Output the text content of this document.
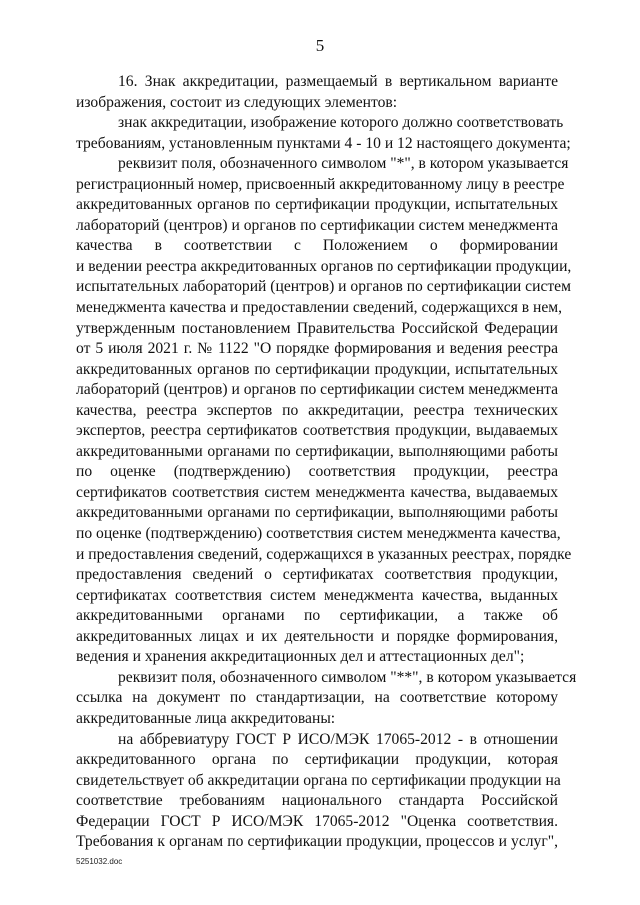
5
16. Знак аккредитации, размещаемый в вертикальном варианте
изображения, состоит из следующих элементов:
знак аккредитации, изображение которого должно соответствовать
требованиям, установленным пунктами 4 - 10 и 12 настоящего документа;
реквизит поля, обозначенного символом "*", в котором указывается
регистрационный номер, присвоенный аккредитованному лицу в реестре
аккредитованных органов по сертификации продукции, испытательных
лабораторий (центров) и органов по сертификации систем менеджмента
качества в соответствии с Положением о формировании
и ведении реестра аккредитованных органов по сертификации продукции,
испытательных лабораторий (центров) и органов по сертификации систем
менеджмента качества и предоставлении сведений, содержащихся в нем,
утвержденным постановлением Правительства Российской Федерации
от 5 июля 2021 г. № 1122 "О порядке формирования и ведения реестра
аккредитованных органов по сертификации продукции, испытательных
лабораторий (центров) и органов по сертификации систем менеджмента
качества, реестра экспертов по аккредитации, реестра технических
экспертов, реестра сертификатов соответствия продукции, выдаваемых
аккредитованными органами по сертификации, выполняющими работы
по оценке (подтверждению) соответствия продукции, реестра
сертификатов соответствия систем менеджмента качества, выдаваемых
аккредитованными органами по сертификации, выполняющими работы
по оценке (подтверждению) соответствия систем менеджмента качества,
и предоставления сведений, содержащихся в указанных реестрах, порядке
предоставления сведений о сертификатах соответствия продукции,
сертификатах соответствия систем менеджмента качества, выданных
аккредитованными органами по сертификации, а также об
аккредитованных лицах и их деятельности и порядке формирования,
ведения и хранения аккредитационных дел и аттестационных дел";
реквизит поля, обозначенного символом "**", в котором указывается
ссылка на документ по стандартизации, на соответствие которому
аккредитованные лица аккредитованы:
на аббревиатуру ГОСТ Р ИСО/МЭК 17065-2012 - в отношении
аккредитованного органа по сертификации продукции, которая
свидетельствует об аккредитации органа по сертификации продукции на
соответствие требованиям национального стандарта Российской
Федерации ГОСТ Р ИСО/МЭК 17065-2012 "Оценка соответствия.
Требования к органам по сертификации продукции, процессов и услуг",
5251032.doc
